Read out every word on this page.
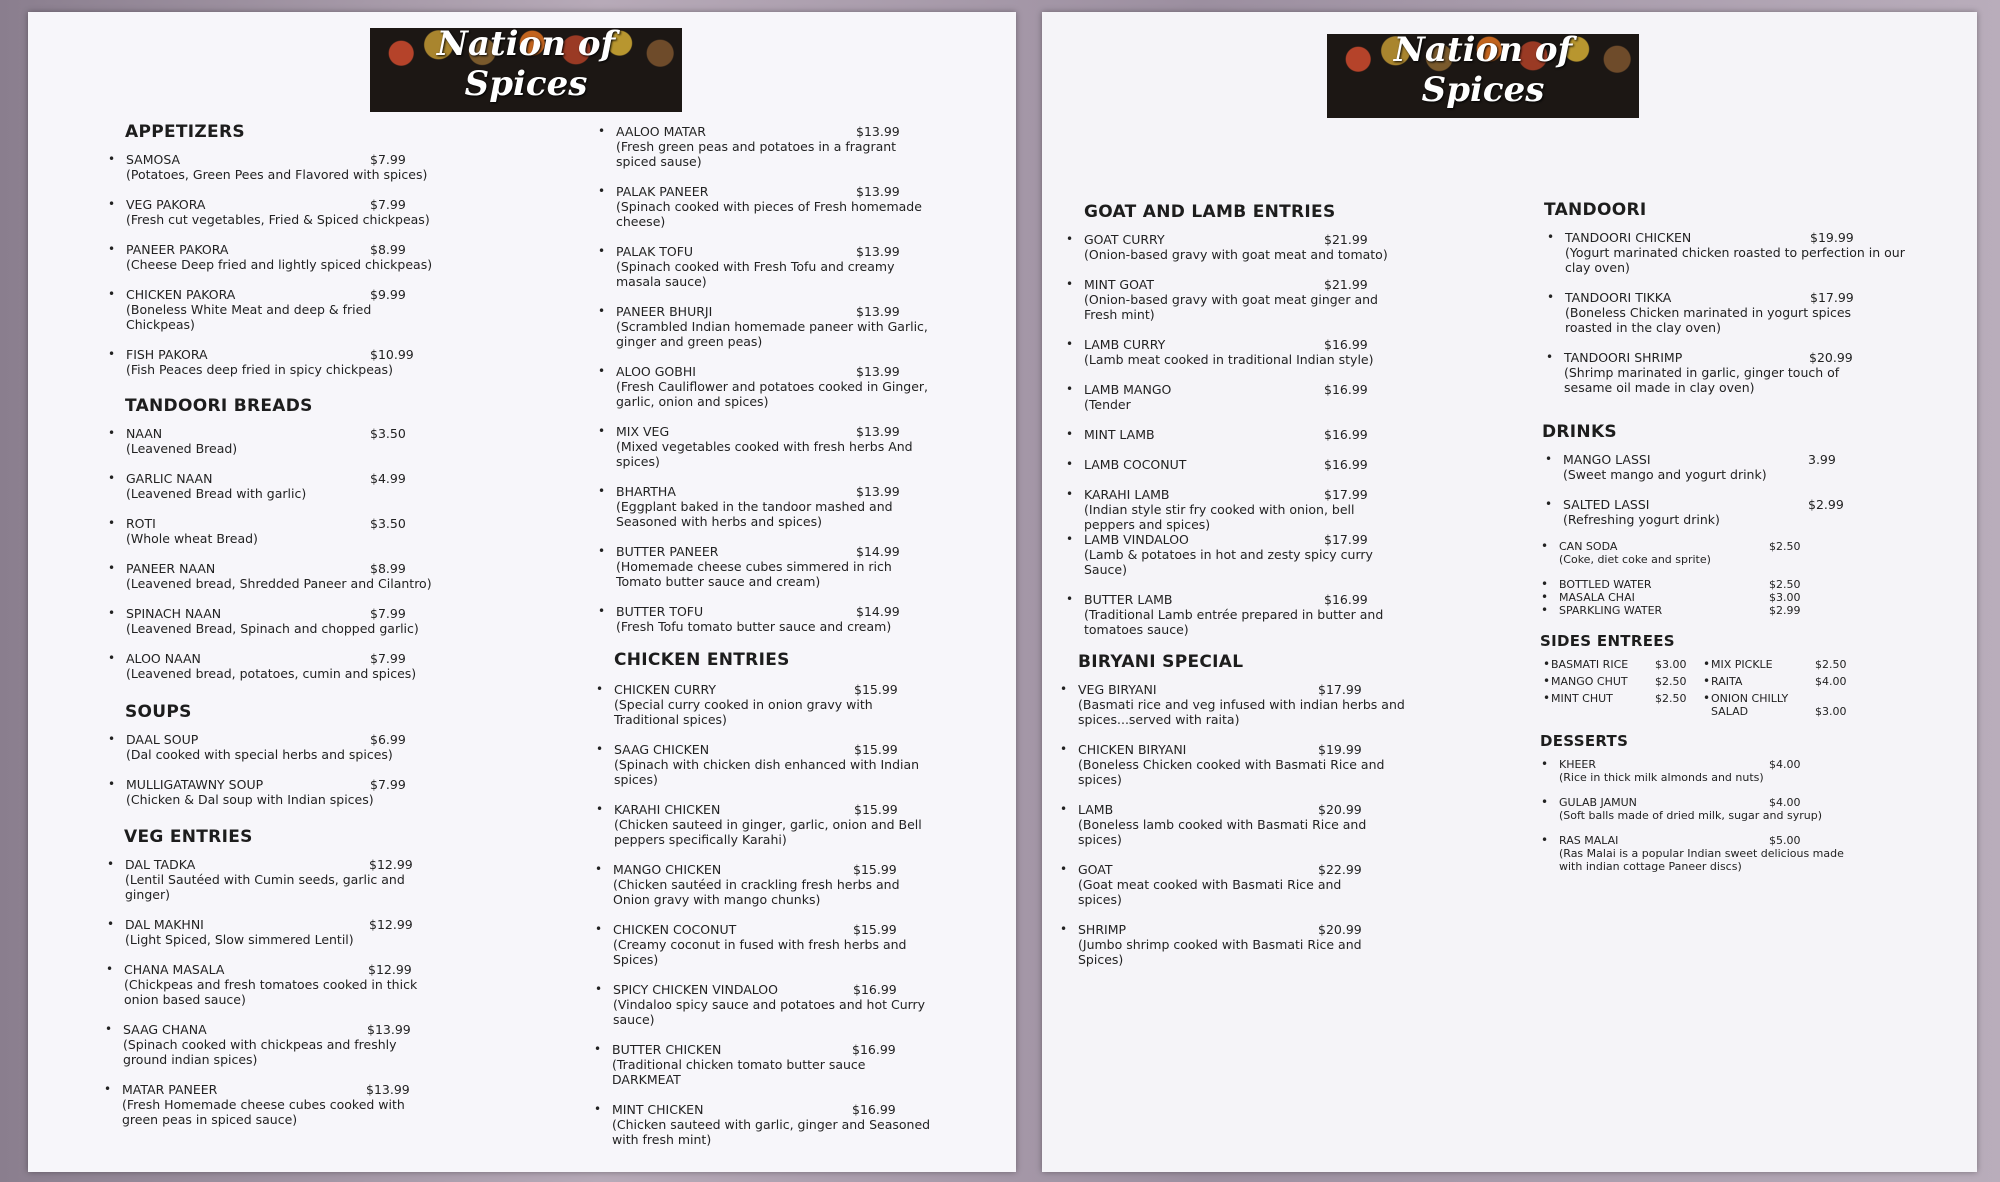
Nation of Spices
APPETIZERS
• SAMOSA	$7.99
(Potatoes, Green Pees and Flavored with spices)
• VEG PAKORA	$7.99
(Fresh cut vegetables, Fried & Spiced chickpeas)
• PANEER PAKORA	$8.99
(Cheese Deep fried and lightly spiced chickpeas)
• CHICKEN PAKORA	$9.99
(Boneless White Meat and deep & fried Chickpeas)
• FISH PAKORA	$10.99
(Fish Peaces deep fried in spicy chickpeas)
TANDOORI BREADS
• NAAN	$3.50
(Leavened Bread)
• GARLIC NAAN	$4.99
(Leavened Bread with garlic)
• ROTI	$3.50
(Whole wheat Bread)
• PANEER NAAN	$8.99
(Leavened bread, Shredded Paneer and Cilantro)
• SPINACH NAAN	$7.99
(Leavened Bread, Spinach and chopped garlic)
• ALOO NAAN	$7.99
(Leavened bread, potatoes, cumin and spices)
SOUPS
• DAAL SOUP	$6.99
(Dal cooked with special herbs and spices)
• MULLIGATAWNY SOUP	$7.99
(Chicken & Dal soup with Indian spices)
VEG ENTRIES
• DAL TADKA	$12.99
(Lentil Sautéed with Cumin seeds, garlic and ginger)
• DAL MAKHNI	$12.99
(Light Spiced, Slow simmered Lentil)
• CHANA MASALA	$12.99
(Chickpeas and fresh tomatoes cooked in thick onion based sauce)
• SAAG CHANA	$13.99
(Spinach cooked with chickpeas and freshly ground indian spices)
• MATAR PANEER	$13.99
(Fresh Homemade cheese cubes cooked with green peas in spiced sauce)
• AALOO MATAR	$13.99
(Fresh green peas and potatoes in a fragrant spiced sause)
• PALAK PANEER	$13.99
(Spinach cooked with pieces of Fresh homemade cheese)
• PALAK TOFU	$13.99
(Spinach cooked with Fresh Tofu and creamy masala sauce)
• PANEER BHURJI	$13.99
(Scrambled Indian homemade paneer with Garlic, ginger and green peas)
• ALOO GOBHI	$13.99
(Fresh Cauliflower and potatoes cooked in Ginger, garlic, onion and spices)
• MIX VEG	$13.99
(Mixed vegetables cooked with fresh herbs And spices)
• BHARTHA	$13.99
(Eggplant baked in the tandoor mashed and Seasoned with herbs and spices)
• BUTTER PANEER	$14.99
(Homemade cheese cubes simmered in rich Tomato butter sauce and cream)
• BUTTER TOFU	$14.99
(Fresh Tofu tomato butter sauce and cream)
CHICKEN ENTRIES
• CHICKEN CURRY	$15.99
(Special curry cooked in onion gravy with Traditional spices)
• SAAG CHICKEN	$15.99
(Spinach with chicken dish enhanced with Indian spices)
• KARAHI CHICKEN	$15.99
(Chicken sauteed in ginger, garlic, onion and Bell peppers specifically Karahi)
• MANGO CHICKEN	$15.99
(Chicken sautéed in crackling fresh herbs and Onion gravy with mango chunks)
• CHICKEN COCONUT	$15.99
(Creamy coconut in fused with fresh herbs and Spices)
• SPICY CHICKEN VINDALOO	$16.99
(Vindaloo spicy sauce and potatoes and hot Curry sauce)
• BUTTER CHICKEN	$16.99
(Traditional chicken tomato butter sauce DARKMEAT
• MINT CHICKEN	$16.99
(Chicken sauteed with garlic, ginger and Seasoned with fresh mint)
Nation of Spices
GOAT AND LAMB ENTRIES
• GOAT CURRY	$21.99
(Onion-based gravy with goat meat and tomato)
• MINT GOAT	$21.99
(Onion-based gravy with goat meat ginger and Fresh mint)
• LAMB CURRY	$16.99
(Lamb meat cooked in traditional Indian style)
• LAMB MANGO	$16.99
(Tender
• MINT LAMB	$16.99
• LAMB COCONUT	$16.99
• KARAHI LAMB	$17.99
(Indian style stir fry cooked with onion, bell peppers and spices)
• LAMB VINDALOO	$17.99
(Lamb & potatoes in hot and zesty spicy curry Sauce)
• BUTTER LAMB	$16.99
(Traditional Lamb entrée prepared in butter and tomatoes sauce)
BIRYANI SPECIAL
• VEG BIRYANI	$17.99
(Basmati rice and veg infused with indian herbs and spices...served with raita)
• CHICKEN BIRYANI	$19.99
(Boneless Chicken cooked with Basmati Rice and spices)
• LAMB	$20.99
(Boneless lamb cooked with Basmati Rice and spices)
• GOAT	$22.99
(Goat meat cooked with Basmati Rice and spices)
• SHRIMP	$20.99
(Jumbo shrimp cooked with Basmati Rice and Spices)
TANDOORI
• TANDOORI CHICKEN	$19.99
(Yogurt marinated chicken roasted to perfection in our clay oven)
• TANDOORI TIKKA	$17.99
(Boneless Chicken marinated in yogurt spices roasted in the clay oven)
• TANDOORI SHRIMP	$20.99
(Shrimp marinated in garlic, ginger touch of sesame oil made in clay oven)
DRINKS
• MANGO LASSI	3.99
(Sweet mango and yogurt drink)
• SALTED LASSI	$2.99
(Refreshing yogurt drink)
• CAN SODA	$2.50
(Coke, diet coke and sprite)
• BOTTLED WATER	$2.50
• MASALA CHAI	$3.00
• SPARKLING WATER	$2.99
SIDES ENTREES
• BASMATI RICE $3.00
• MANGO CHUT $2.50
• MINT CHUT	$2.50
• MIX PICKLE	$2.50
• RAITA	$4.00
• ONION CHILLY
SALAD	$3.00
DESSERTS
• KHEER	$4.00
(Rice in thick milk almonds and nuts)
• GULAB JAMUN	$4.00
(Soft balls made of dried milk, sugar and syrup)
• RAS MALAI	$5.00
(Ras Malai is a popular Indian sweet delicious made with indian cottage Paneer discs)
